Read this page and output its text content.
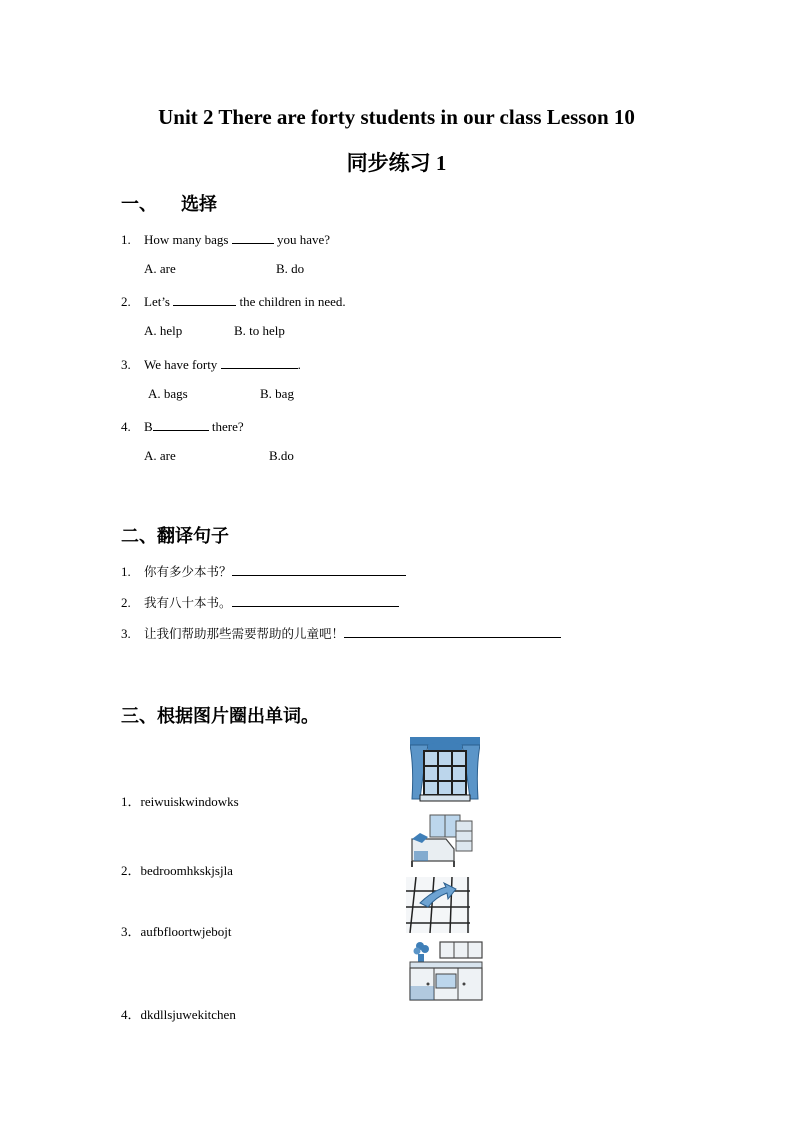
Unit 2 There are forty students in our class Lesson 10
同步练习 1
一、 选择
1. How many bags	you have?
A. are	B. do
2. Let’s	the children in need.
A. help	B. to help
3. We have forty	.
A. bags	B. bag
4. B	there?
A. are	B.do
二、翻译句子
1. 你有多少本书？
2. 我有八十本书。
3. 让我们帮助那些需要帮助的儿童吧！
三、根据图片圈出单词。
1．reiwuiskwindowks
2．bedroomhkskjsjla
3．aufbfloortwjebojt
4．dkdllsjuwekitchen
